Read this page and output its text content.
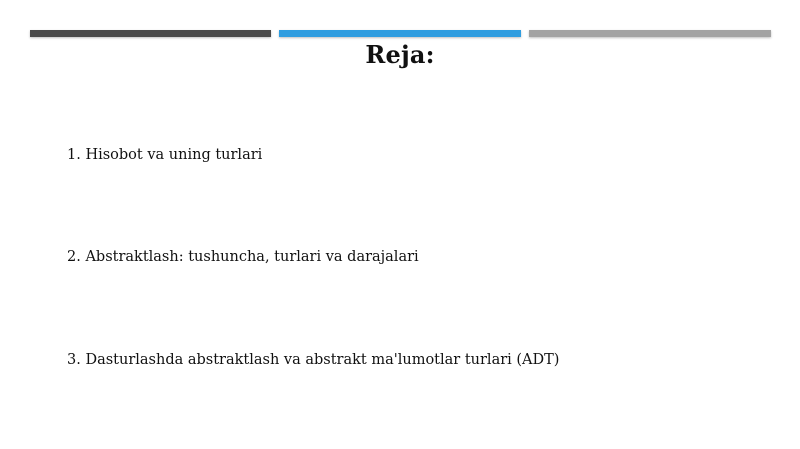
Reja:
1. Hisobot va uning turlari
2. Abstraktlash: tushuncha, turlari va darajalari
3. Dasturlashda abstraktlash va abstrakt ma'lumotlar turlari (ADT)
